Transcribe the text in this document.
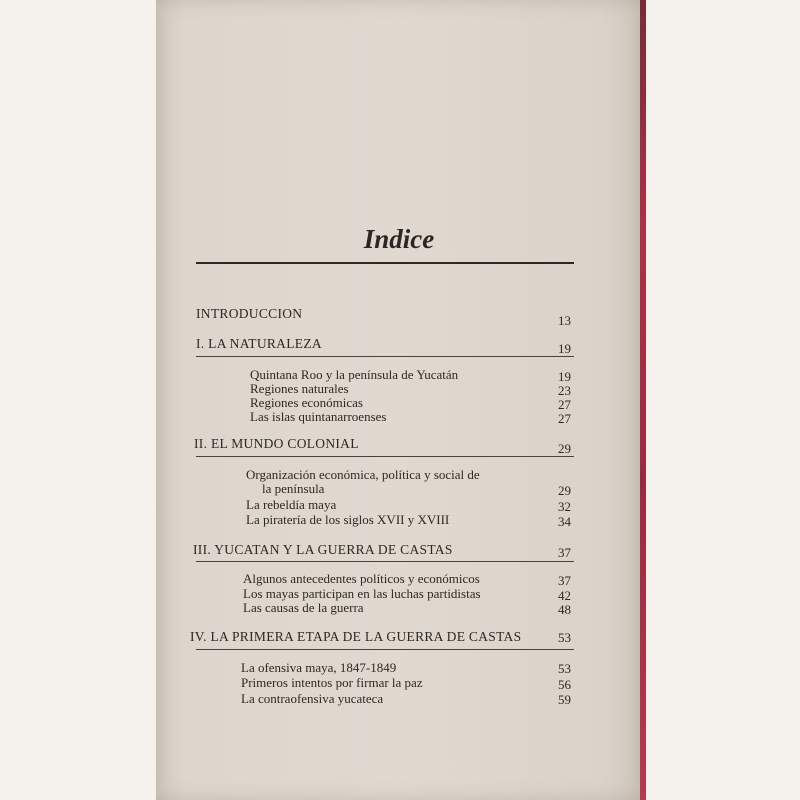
Indice
INTRODUCCION	13
I. LA NATURALEZA	19
Quintana Roo y la península de Yucatán	19
Regiones naturales	23
Regiones económicas	27
Las islas quintanarroenses	27
II. EL MUNDO COLONIAL	29
Organización económica, política y social de
la península	29
La rebeldía maya	32
La piratería de los siglos XVII y XVIII	34
III. YUCATAN Y LA GUERRA DE CASTAS	37
Algunos antecedentes políticos y económicos	37
Los mayas participan en las luchas partidistas	42
Las causas de la guerra	48
IV. LA PRIMERA ETAPA DE LA GUERRA DE CASTAS	53
La ofensiva maya, 1847-1849	53
Primeros intentos por firmar la paz	56
La contraofensiva yucateca	59
